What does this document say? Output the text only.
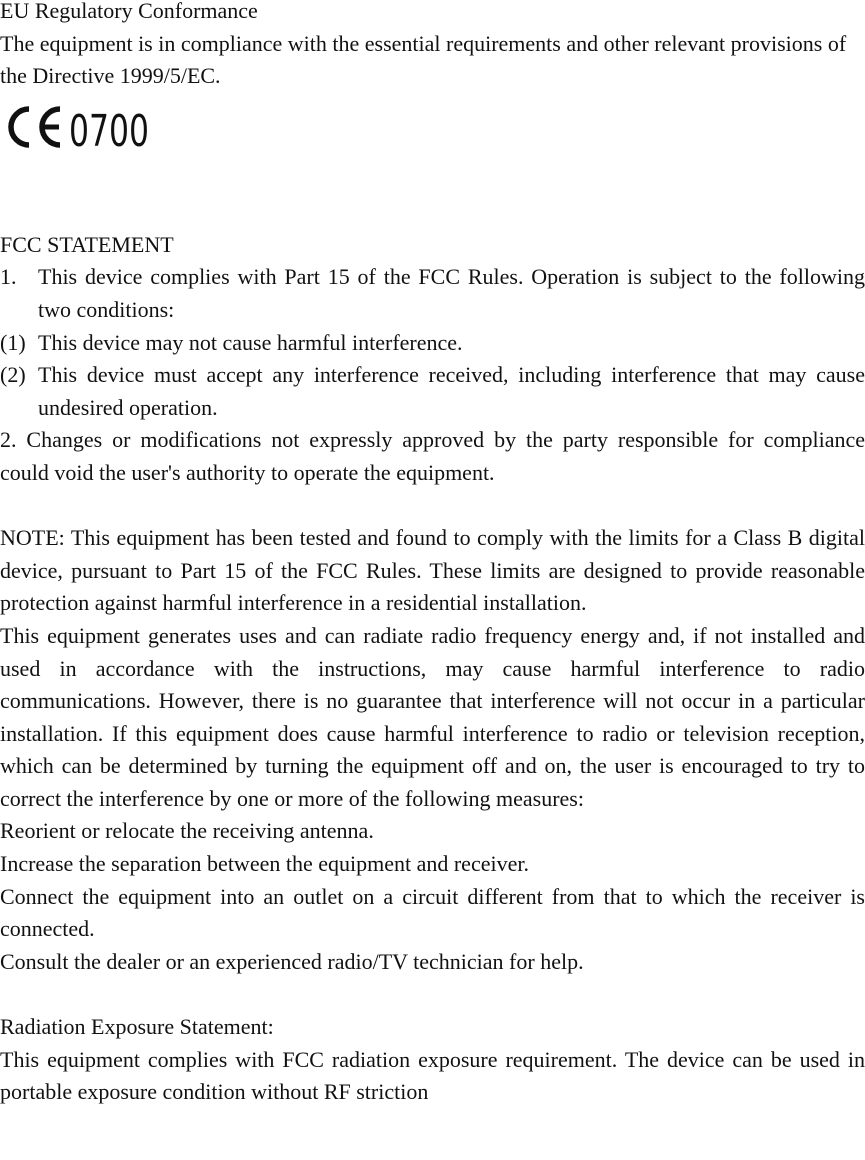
EU Regulatory Conformance

The equipment is in compliance with the essential requirements and other relevant provisions of the Directive 1999/5/EC.

0700

FCC STATEMENT

1. This device complies with Part 15 of the FCC Rules. Operation is subject to the following two conditions:
(1) This device may not cause harmful interference.
(2) This device must accept any interference received, including interference that may cause undesired operation.

2. Changes or modifications not expressly approved by the party responsible for compliance could void the user's authority to operate the equipment.

NOTE: This equipment has been tested and found to comply with the limits for a Class B digital device, pursuant to Part 15 of the FCC Rules. These limits are designed to provide reasonable protection against harmful interference in a residential installation.

This equipment generates uses and can radiate radio frequency energy and, if not installed and used in accordance with the instructions, may cause harmful interference to radio communications. However, there is no guarantee that interference will not occur in a particular installation. If this equipment does cause harmful interference to radio or television reception, which can be determined by turning the equipment off and on, the user is encouraged to try to correct the interference by one or more of the following measures:

Reorient or relocate the receiving antenna.

Increase the separation between the equipment and receiver.

Connect the equipment into an outlet on a circuit different from that to which the receiver is connected.

Consult the dealer or an experienced radio/TV technician for help.

Radiation Exposure Statement:

This equipment complies with FCC radiation exposure requirement. The device can be used in portable exposure condition without RF striction
